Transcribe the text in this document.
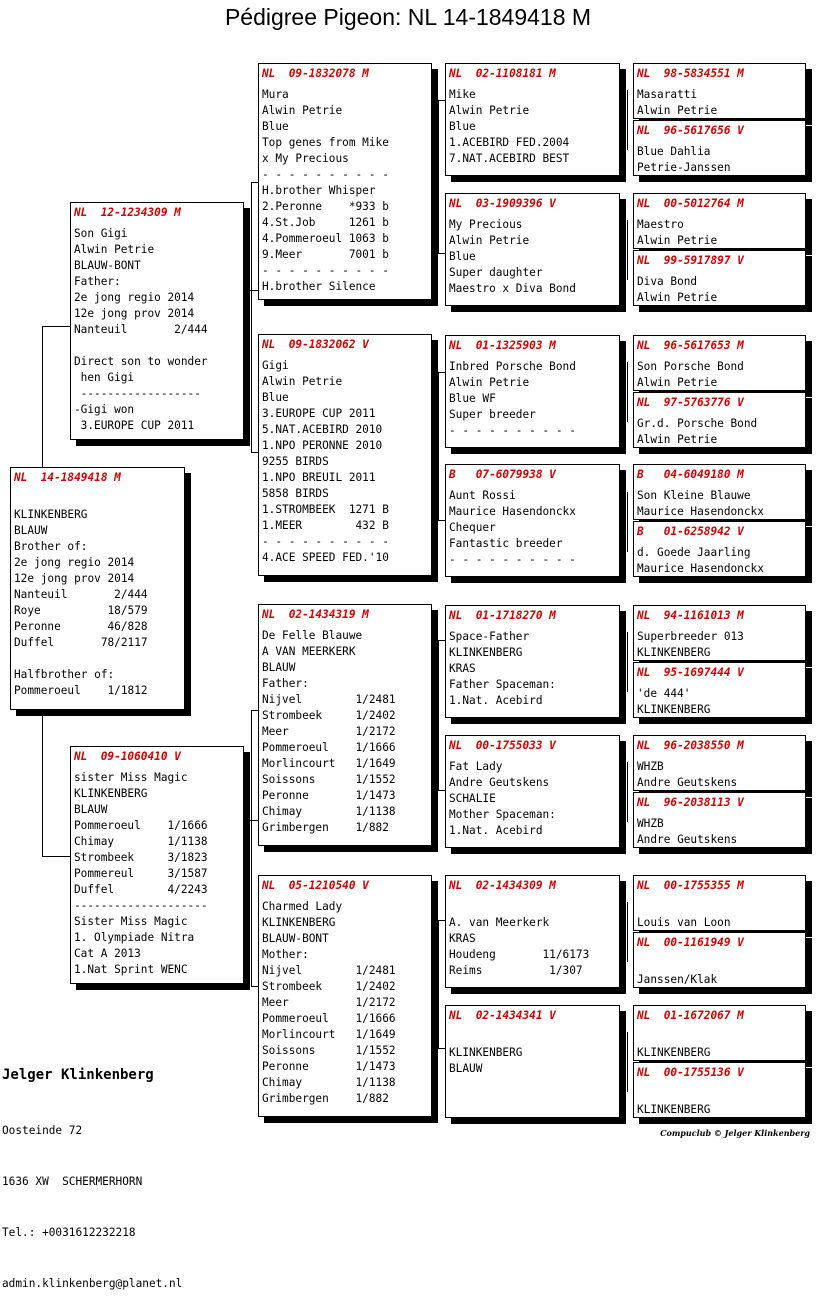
Pédigree Pigeon: NL 14-1849418 M
NL  14-1849418 M
KLINKENBERG
BLAUW
Brother of:
2e jong regio 2014
12e jong prov 2014
Nanteuil       2/444
Roye          18/579
Peronne       46/828
Duffel       78/2117
Halfbrother of:
Pommeroeul    1/1812
NL  12-1234309 M
Son Gigi
Alwin Petrie
BLAUW-BONT
Father:
2e jong regio 2014
12e jong prov 2014
Nanteuil       2/444
Direct son to wonder
hen Gigi
------------------
-Gigi won
3.EUROPE CUP 2011
NL  09-1060410 V
sister Miss Magic
KLINKENBERG
BLAUW
Pommeroeul    1/1666
Chimay        1/1138
Strombeek     3/1823
Pommereul     3/1587
Duffel        4/2243
--------------------
Sister Miss Magic
1. Olympiade Nitra
Cat A 2013
1.Nat Sprint WENC
NL  09-1832078 M
Mura
Alwin Petrie
Blue
Top genes from Mike
x My Precious
- - - - - - - - - -
H.brother Whisper
2.Peronne    *933 b
4.St.Job     1261 b
4.Pommeroeul 1063 b
9.Meer       7001 b
- - - - - - - - - -
H.brother Silence
NL  09-1832062 V
Gigi
Alwin Petrie
Blue
3.EUROPE CUP 2011
5.NAT.ACEBIRD 2010
1.NPO PERONNE 2010
9255 BIRDS
1.NPO BREUIL 2011
5858 BIRDS
1.STROMBEEK  1271 B
1.MEER        432 B
- - - - - - - - - -
4.ACE SPEED FED.'10
NL  02-1434319 M
De Felle Blauwe
A VAN MEERKERK
BLAUW
Father:
Nijvel        1/2481
Strombeek     1/2402
Meer          1/2172
Pommeroeul    1/1666
Morlincourt   1/1649
Soissons      1/1552
Peronne       1/1473
Chimay        1/1138
Grimbergen    1/882
NL  05-1210540 V
Charmed Lady
KLINKENBERG
BLAUW-BONT
Mother:
Nijvel        1/2481
Strombeek     1/2402
Meer          1/2172
Pommeroeul    1/1666
Morlincourt   1/1649
Soissons      1/1552
Peronne       1/1473
Chimay        1/1138
Grimbergen    1/882
NL  02-1108181 M
Mike
Alwin Petrie
Blue
1.ACEBIRD FED.2004
7.NAT.ACEBIRD BEST
NL  03-1909396 V
My Precious
Alwin Petrie
Blue
Super daughter
Maestro x Diva Bond
NL  01-1325903 M
Inbred Porsche Bond
Alwin Petrie
Blue WF
Super breeder
- - - - - - - - - -
B   07-6079938 V
Aunt Rossi
Maurice Hasendonckx
Chequer
Fantastic breeder
- - - - - - - - - -
NL  01-1718270 M
Space-Father
KLINKENBERG
KRAS
Father Spaceman:
1.Nat. Acebird
NL  00-1755033 V
Fat Lady
Andre Geutskens
SCHALIE
Mother Spaceman:
1.Nat. Acebird
NL  02-1434309 M
A. van Meerkerk
KRAS
Houdeng       11/6173
Reims          1/307
NL  02-1434341 V
KLINKENBERG
BLAUW
NL  98-5834551 M
Masaratti
Alwin Petrie
NL  96-5617656 V
Blue Dahlia
Petrie-Janssen
NL  00-5012764 M
Maestro
Alwin Petrie
NL  99-5917897 V
Diva Bond
Alwin Petrie
NL  96-5617653 M
Son Porsche Bond
Alwin Petrie
NL  97-5763776 V
Gr.d. Porsche Bond
Alwin Petrie
B   04-6049180 M
Son Kleine Blauwe
Maurice Hasendonckx
B   01-6258942 V
d. Goede Jaarling
Maurice Hasendonckx
NL  94-1161013 M
Superbreeder 013
KLINKENBERG
NL  95-1697444 V
'de 444'
KLINKENBERG
NL  96-2038550 M
WHZB
Andre Geutskens
NL  96-2038113 V
WHZB
Andre Geutskens
NL  00-1755355 M
Louis van Loon
NL  00-1161949 V
Janssen/Klak
NL  01-1672067 M
KLINKENBERG
NL  00-1755136 V
KLINKENBERG

Jelger Klinkenberg

Oosteinde 72

1636 XW  SCHERMERHORN

Tel.: +0031612232218

admin.klinkenberg@planet.nl

Compuclub © Jelger Klinkenberg
